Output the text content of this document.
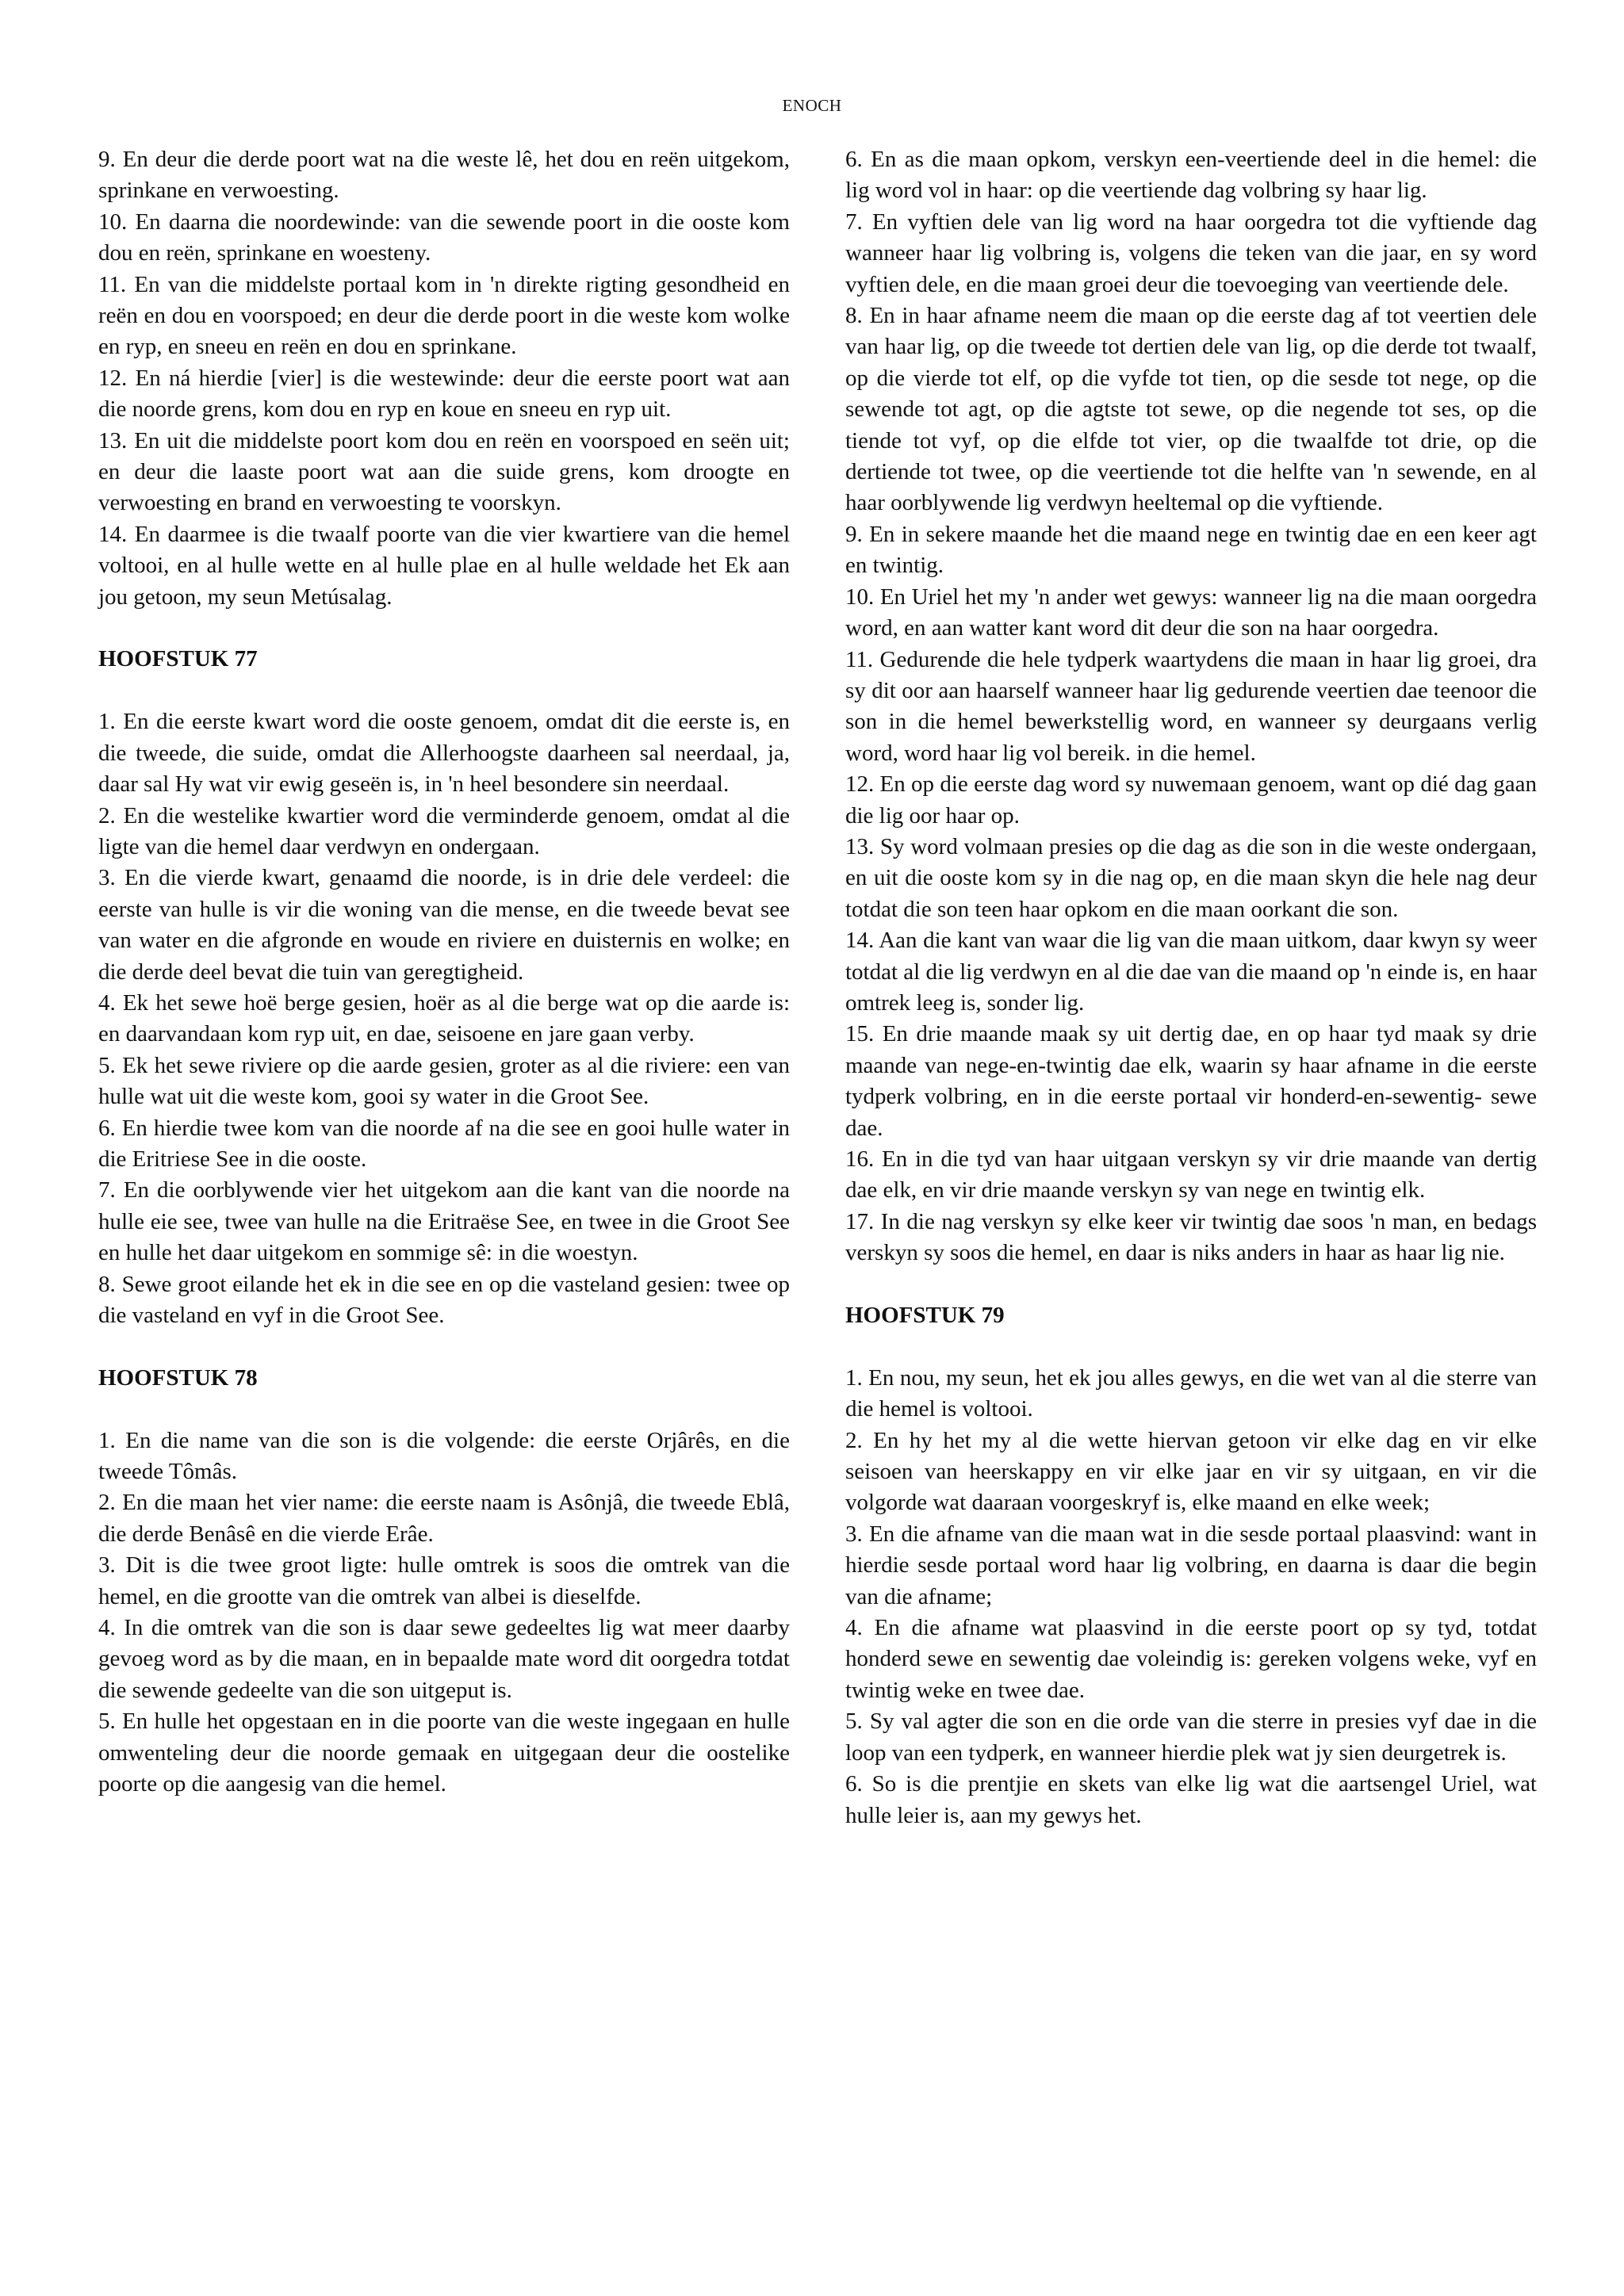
ENOCH

9. En deur die derde poort wat na die weste lê, het dou en reën uitgekom, sprinkane en verwoesting.

10. En daarna die noordewinde: van die sewende poort in die ooste kom dou en reën, sprinkane en woesteny.

11. En van die middelste portaal kom in 'n direkte rigting gesondheid en reën en dou en voorspoed; en deur die derde poort in die weste kom wolke en ryp, en sneeu en reën en dou en sprinkane.

12. En ná hierdie [vier] is die westewinde: deur die eerste poort wat aan die noorde grens, kom dou en ryp en koue en sneeu en ryp uit.

13. En uit die middelste poort kom dou en reën en voorspoed en seën uit; en deur die laaste poort wat aan die suide grens, kom droogte en verwoesting en brand en verwoesting te voorskyn.

14. En daarmee is die twaalf poorte van die vier kwartiere van die hemel voltooi, en al hulle wette en al hulle plae en al hulle weldade het Ek aan jou getoon, my seun Metúsalag.

HOOFSTUK 77

1. En die eerste kwart word die ooste genoem, omdat dit die eerste is, en die tweede, die suide, omdat die Allerhoogste daarheen sal neerdaal, ja, daar sal Hy wat vir ewig geseën is, in 'n heel besondere sin neerdaal.

2. En die westelike kwartier word die verminderde genoem, omdat al die ligte van die hemel daar verdwyn en ondergaan.

3. En die vierde kwart, genaamd die noorde, is in drie dele verdeel: die eerste van hulle is vir die woning van die mense, en die tweede bevat see van water en die afgronde en woude en riviere en duisternis en wolke; en die derde deel bevat die tuin van geregtigheid.

4. Ek het sewe hoë berge gesien, hoër as al die berge wat op die aarde is: en daarvandaan kom ryp uit, en dae, seisoene en jare gaan verby.

5. Ek het sewe riviere op die aarde gesien, groter as al die riviere: een van hulle wat uit die weste kom, gooi sy water in die Groot See.

6. En hierdie twee kom van die noorde af na die see en gooi hulle water in die Eritriese See in die ooste.

7. En die oorblywende vier het uitgekom aan die kant van die noorde na hulle eie see, twee van hulle na die Eritraëse See, en twee in die Groot See en hulle het daar uitgekom en sommige sê: in die woestyn.

8. Sewe groot eilande het ek in die see en op die vasteland gesien: twee op die vasteland en vyf in die Groot See.

HOOFSTUK 78

1. En die name van die son is die volgende: die eerste Orjârês, en die tweede Tômâs.

2. En die maan het vier name: die eerste naam is Asônjâ, die tweede Eblâ, die derde Benâsê en die vierde Erâe.

3. Dit is die twee groot ligte: hulle omtrek is soos die omtrek van die hemel, en die grootte van die omtrek van albei is dieselfde.

4. In die omtrek van die son is daar sewe gedeeltes lig wat meer daarby gevoeg word as by die maan, en in bepaalde mate word dit oorgedra totdat die sewende gedeelte van die son uitgeput is.

5. En hulle het opgestaan en in die poorte van die weste ingegaan en hulle omwenteling deur die noorde gemaak en uitgegaan deur die oostelike poorte op die aangesig van die hemel.

6. En as die maan opkom, verskyn een-veertiende deel in die hemel: die lig word vol in haar: op die veertiende dag volbring sy haar lig.

7. En vyftien dele van lig word na haar oorgedra tot die vyftiende dag wanneer haar lig volbring is, volgens die teken van die jaar, en sy word vyftien dele, en die maan groei deur die toevoeging van veertiende dele.

8. En in haar afname neem die maan op die eerste dag af tot veertien dele van haar lig, op die tweede tot dertien dele van lig, op die derde tot twaalf, op die vierde tot elf, op die vyfde tot tien, op die sesde tot nege, op die sewende tot agt, op die agtste tot sewe, op die negende tot ses, op die tiende tot vyf, op die elfde tot vier, op die twaalfde tot drie, op die dertiende tot twee, op die veertiende tot die helfte van 'n sewende, en al haar oorblywende lig verdwyn heeltemal op die vyftiende.

9. En in sekere maande het die maand nege en twintig dae en een keer agt en twintig.

10. En Uriel het my 'n ander wet gewys: wanneer lig na die maan oorgedra word, en aan watter kant word dit deur die son na haar oorgedra.

11. Gedurende die hele tydperk waartydens die maan in haar lig groei, dra sy dit oor aan haarself wanneer haar lig gedurende veertien dae teenoor die son in die hemel bewerkstellig word, en wanneer sy deurgaans verlig word, word haar lig vol bereik. in die hemel.

12. En op die eerste dag word sy nuwemaan genoem, want op dié dag gaan die lig oor haar op.

13. Sy word volmaan presies op die dag as die son in die weste ondergaan, en uit die ooste kom sy in die nag op, en die maan skyn die hele nag deur totdat die son teen haar opkom en die maan oorkant die son.

14. Aan die kant van waar die lig van die maan uitkom, daar kwyn sy weer totdat al die lig verdwyn en al die dae van die maand op 'n einde is, en haar omtrek leeg is, sonder lig.

15. En drie maande maak sy uit dertig dae, en op haar tyd maak sy drie maande van nege-en-twintig dae elk, waarin sy haar afname in die eerste tydperk volbring, en in die eerste portaal vir honderd-en-sewentig- sewe dae.

16. En in die tyd van haar uitgaan verskyn sy vir drie maande van dertig dae elk, en vir drie maande verskyn sy van nege en twintig elk.

17. In die nag verskyn sy elke keer vir twintig dae soos 'n man, en bedags verskyn sy soos die hemel, en daar is niks anders in haar as haar lig nie.

HOOFSTUK 79

1. En nou, my seun, het ek jou alles gewys, en die wet van al die sterre van die hemel is voltooi.

2. En hy het my al die wette hiervan getoon vir elke dag en vir elke seisoen van heerskappy en vir elke jaar en vir sy uitgaan, en vir die volgorde wat daaraan voorgeskryf is, elke maand en elke week;

3. En die afname van die maan wat in die sesde portaal plaasvind: want in hierdie sesde portaal word haar lig volbring, en daarna is daar die begin van die afname;

4. En die afname wat plaasvind in die eerste poort op sy tyd, totdat honderd sewe en sewentig dae voleindig is: gereken volgens weke, vyf en twintig weke en twee dae.

5. Sy val agter die son en die orde van die sterre in presies vyf dae in die loop van een tydperk, en wanneer hierdie plek wat jy sien deurgetrek is.

6. So is die prentjie en skets van elke lig wat die aartsengel Uriel, wat hulle leier is, aan my gewys het.
